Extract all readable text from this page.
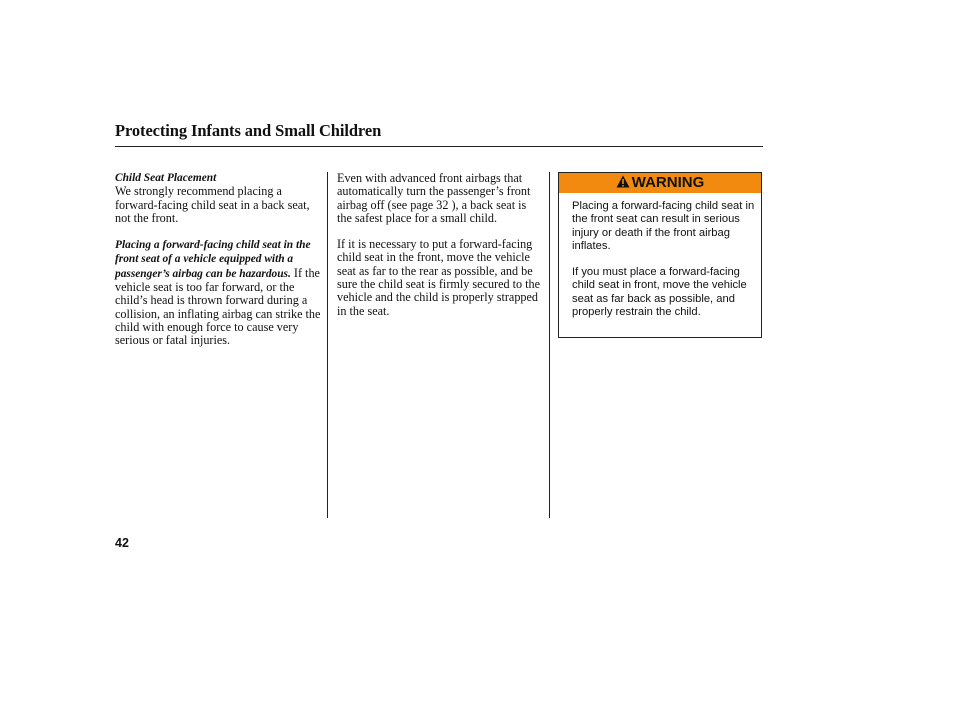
Protecting Infants and Small Children

Child Seat Placement

We strongly recommend placing a forward-facing child seat in a back seat, not the front.

Placing a forward-facing child seat in the front seat of a vehicle equipped with a passenger’s airbag can be hazardous. If the vehicle seat is too far forward, or the child’s head is thrown forward during a collision, an inflating airbag can strike the child with enough force to cause very serious or fatal injuries.

Even with advanced front airbags that automatically turn the passenger’s front airbag off (see page 32 ), a back seat is the safest place for a small child.

If it is necessary to put a forward-facing child seat in the front, move the vehicle seat as far to the rear as possible, and be sure the child seat is firmly secured to the vehicle and the child is properly strapped in the seat.

WARNING

Placing a forward-facing child seat in the front seat can result in serious injury or death if the front airbag inflates.

If you must place a forward-facing child seat in front, move the vehicle seat as far back as possible, and properly restrain the child.

42
